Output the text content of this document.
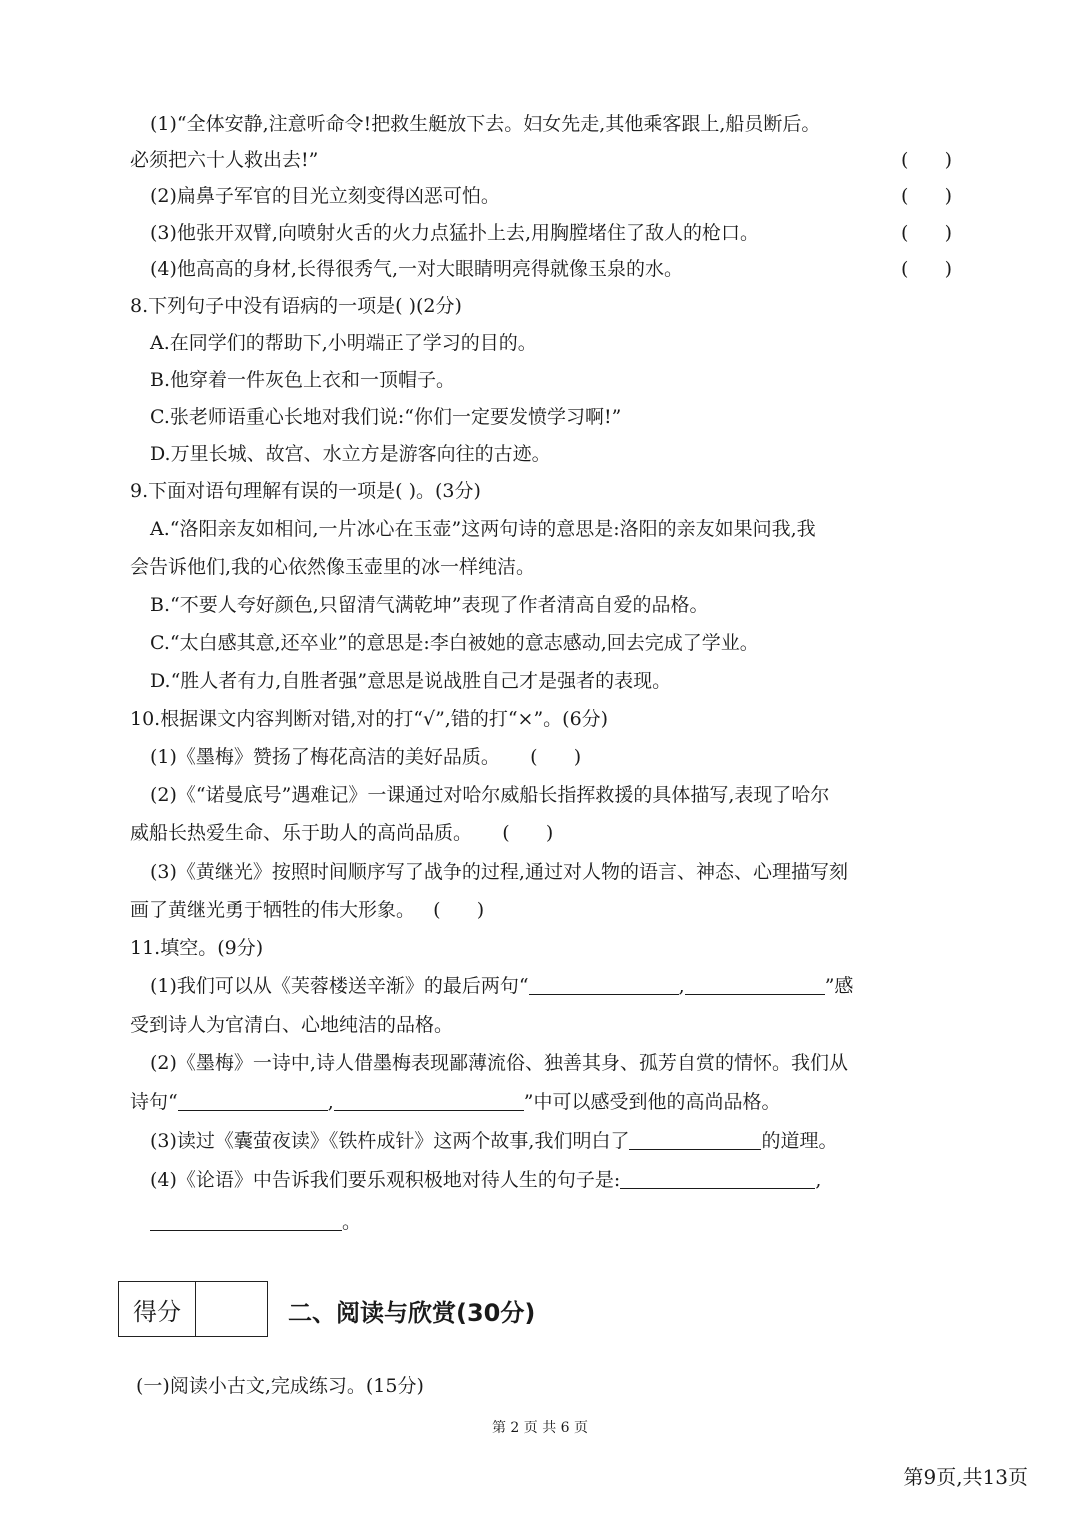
(1)“全体安静,注意听命令!把救生艇放下去。妇女先走,其他乘客跟上,船员断后。
必须把六十人救出去!”	(      )
(2)扁鼻子军官的目光立刻变得凶恶可怕。	(      )
(3)他张开双臂,向喷射火舌的火力点猛扑上去,用胸膛堵住了敌人的枪口。	(      )
(4)他高高的身材,长得很秀气,一对大眼睛明亮得就像玉泉的水。	(      )
8.下列句子中没有语病的一项是( )(2分)
A.在同学们的帮助下,小明端正了学习的目的。
B.他穿着一件灰色上衣和一顶帽子。
C.张老师语重心长地对我们说:“你们一定要发愤学习啊!”
D.万里长城、故宫、水立方是游客向往的古迹。
9.下面对语句理解有误的一项是( )。(3分)
A.“洛阳亲友如相问,一片冰心在玉壶”这两句诗的意思是:洛阳的亲友如果问我,我
会告诉他们,我的心依然像玉壶里的冰一样纯洁。
B.“不要人夸好颜色,只留清气满乾坤”表现了作者清高自爱的品格。
C.“太白感其意,还卒业”的意思是:李白被她的意志感动,回去完成了学业。
D.“胜人者有力,自胜者强”意思是说战胜自己才是强者的表现。
10.根据课文内容判断对错,对的打“√”,错的打“×”。(6分)
(1)《墨梅》赞扬了梅花高洁的美好品质。 (      )
(2)《“诺曼底号”遇难记》一课通过对哈尔威船长指挥救援的具体描写,表现了哈尔
威船长热爱生命、乐于助人的高尚品质。 (      )
(3)《黄继光》按照时间顺序写了战争的过程,通过对人物的语言、神态、心理描写刻
画了黄继光勇于牺牲的伟大形象。 (      )
11.填空。(9分)
(1)我们可以从《芙蓉楼送辛渐》的最后两句“	,	”感
受到诗人为官清白、心地纯洁的品格。
(2)《墨梅》一诗中,诗人借墨梅表现鄙薄流俗、独善其身、孤芳自赏的情怀。我们从
诗句“	,	”中可以感受到他的高尚品格。
(3)读过《囊萤夜读》《铁杵成针》这两个故事,我们明白了	的道理。
(4)《论语》中告诉我们要乐观积极地对待人生的句子是:	,
。
得分	二、阅读与欣赏(30分)
(一)阅读小古文,完成练习。(15分)
第 2 页 共 6 页
第9页,共13页
